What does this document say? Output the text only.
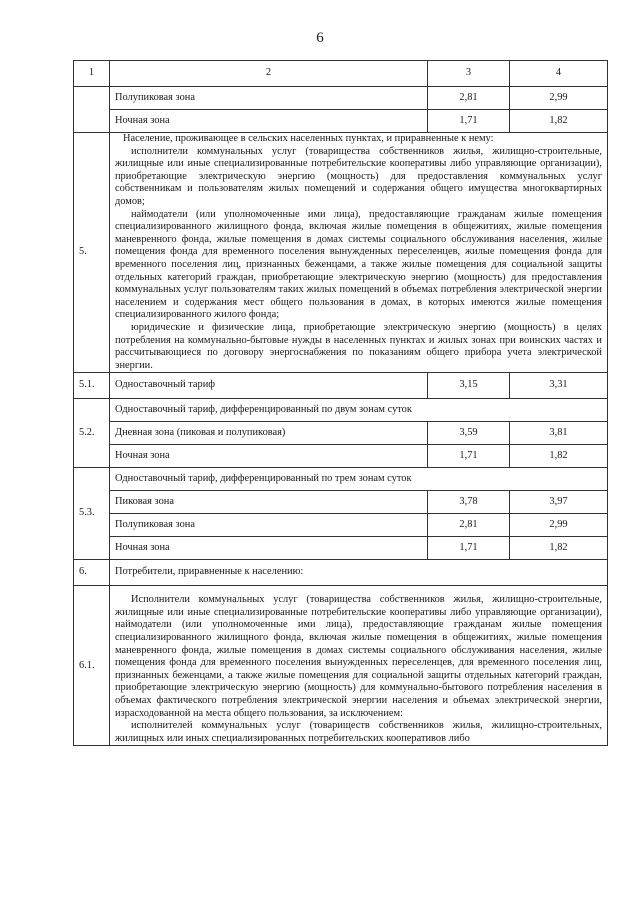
6
1	2	3	4
	Полупиковая зона	2,81	2,99
	Ночная зона	1,71	1,82
5.	Население, проживающее в сельских населенных пунктах, и приравненные к нему:

исполнители коммунальных услуг (товарищества собственников жилья, жилищно-строительные, жилищные или иные специализированные потребительские кооперативы либо управляющие организации), приобретающие электрическую энергию (мощность) для предоставления коммунальных услуг собственникам и пользователям жилых помещений и содержания общего имущества многоквартирных домов;

наймодатели (или уполномоченные ими лица), предоставляющие гражданам жилые помещения специализированного жилищного фонда, включая жилые помещения в общежитиях, жилые помещения маневренного фонда, жилые помещения в домах системы социального обслуживания населения, жилые помещения фонда для временного поселения вынужденных переселенцев, жилые помещения фонда для временного поселения лиц, признанных беженцами, а также жилые помещения для социальной защиты отдельных категорий граждан, приобретающие электрическую энергию (мощность) для предоставления коммунальных услуг пользователям таких жилых помещений в объемах потребления электрической энергии населением и содержания мест общего пользования в домах, в которых имеются жилые помещения специализированного жилого фонда;

юридические и физические лица, приобретающие электрическую энергию (мощность) в целях потребления на коммунально-бытовые нужды в населенных пунктах и жилых зонах при воинских частях и рассчитывающиеся по договору энергоснабжения по показаниям общего прибора учета электрической энергии.		

5.1.	Одноставочный тариф	3,15	3,31
5.2.	Одноставочный тариф, дифференцированный по двум зонам суток		
	Дневная зона (пиковая и полупиковая)	3,59	3,81
	Ночная зона	1,71	1,82
5.3.	Одноставочный тариф, дифференцированный по трем зонам суток		
	Пиковая зона	3,78	3,97
	Полупиковая зона	2,81	2,99
	Ночная зона	1,71	1,82
6.	Потребители, приравненные к населению:		
6.1.	Исполнители коммунальных услуг (товарищества собственников жилья, жилищно-строительные, жилищные или иные специализированные потребительские кооперативы либо управляющие организации), наймодатели (или уполномоченные ими лица), предоставляющие гражданам жилые помещения специализированного жилищного фонда, включая жилые помещения в общежитиях, жилые помещения маневренного фонда, жилые помещения в домах системы социального обслуживания населения, жилые помещения фонда для временного поселения вынужденных переселенцев, для временного поселения лиц, признанных беженцами, а также жилые помещения для социальной защиты отдельных категорий граждан, приобретающие электрическую энергию (мощность) для коммунально-бытового потребления населения в объемах фактического потребления электрической энергии населения и объемах электрической энергии, израсходованной на места общего пользования, за исключением:

исполнителей коммунальных услуг (товариществ собственников жилья, жилищно-строительных, жилищных или иных специализированных потребительских кооперативов либо		
